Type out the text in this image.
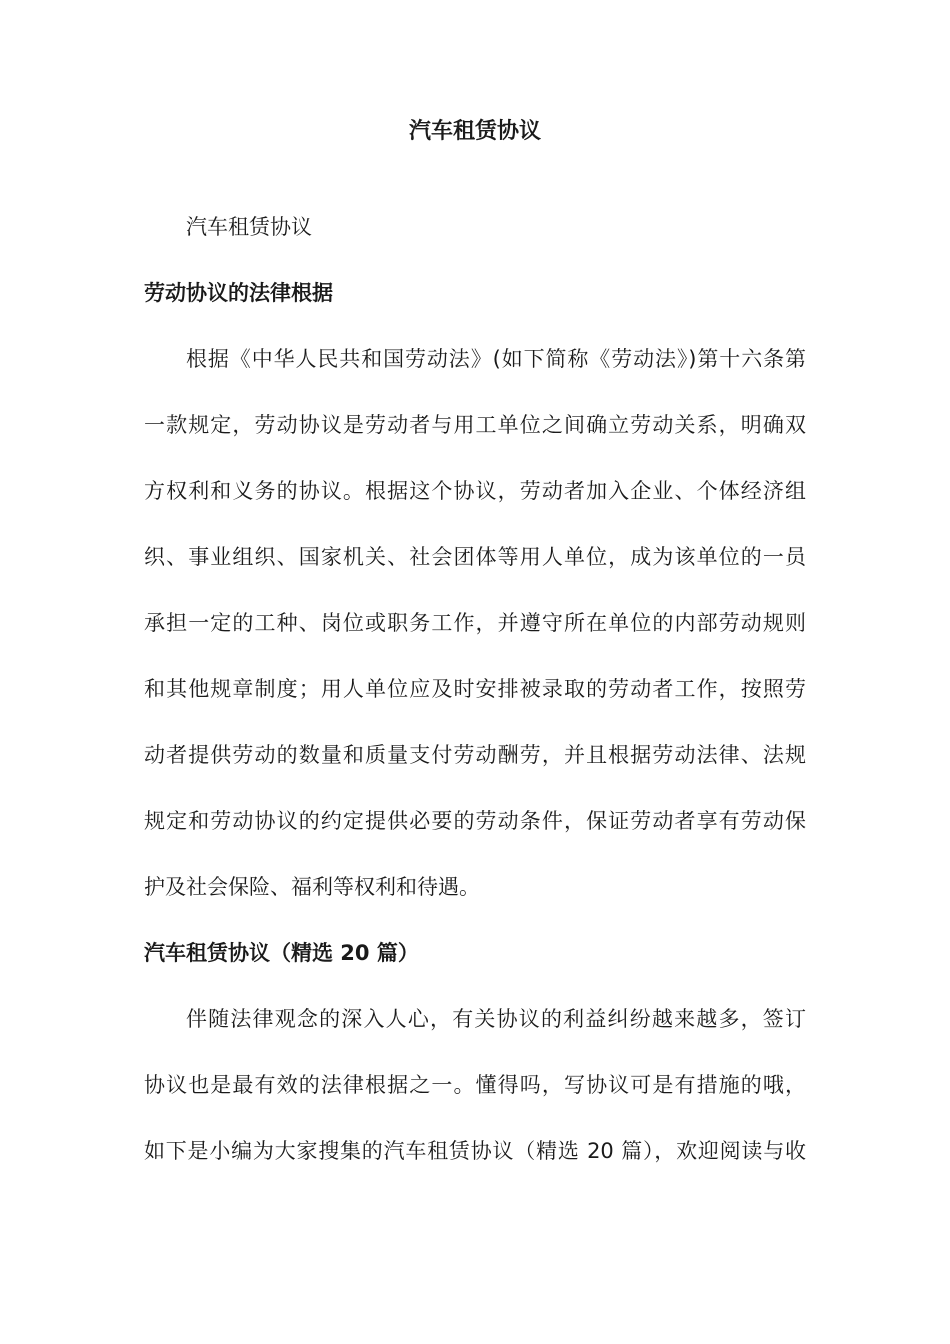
汽车租赁协议
汽车租赁协议
劳动协议的法律根据
根据《中华人民共和国劳动法》(如下简称《劳动法》)第十六条第
一款规定，劳动协议是劳动者与用工单位之间确立劳动关系，明确双
方权利和义务的协议。根据这个协议，劳动者加入企业、个体经济组
织、事业组织、国家机关、社会团体等用人单位，成为该单位的一员
承担一定的工种、岗位或职务工作，并遵守所在单位的内部劳动规则
和其他规章制度；用人单位应及时安排被录取的劳动者工作，按照劳
动者提供劳动的数量和质量支付劳动酬劳，并且根据劳动法律、法规
规定和劳动协议的约定提供必要的劳动条件，保证劳动者享有劳动保
护及社会保险、福利等权利和待遇。
汽车租赁协议（精选 20 篇）
伴随法律观念的深入人心，有关协议的利益纠纷越来越多，签订
协议也是最有效的法律根据之一。懂得吗，写协议可是有措施的哦，
如下是小编为大家搜集的汽车租赁协议（精选 20 篇），欢迎阅读与收
